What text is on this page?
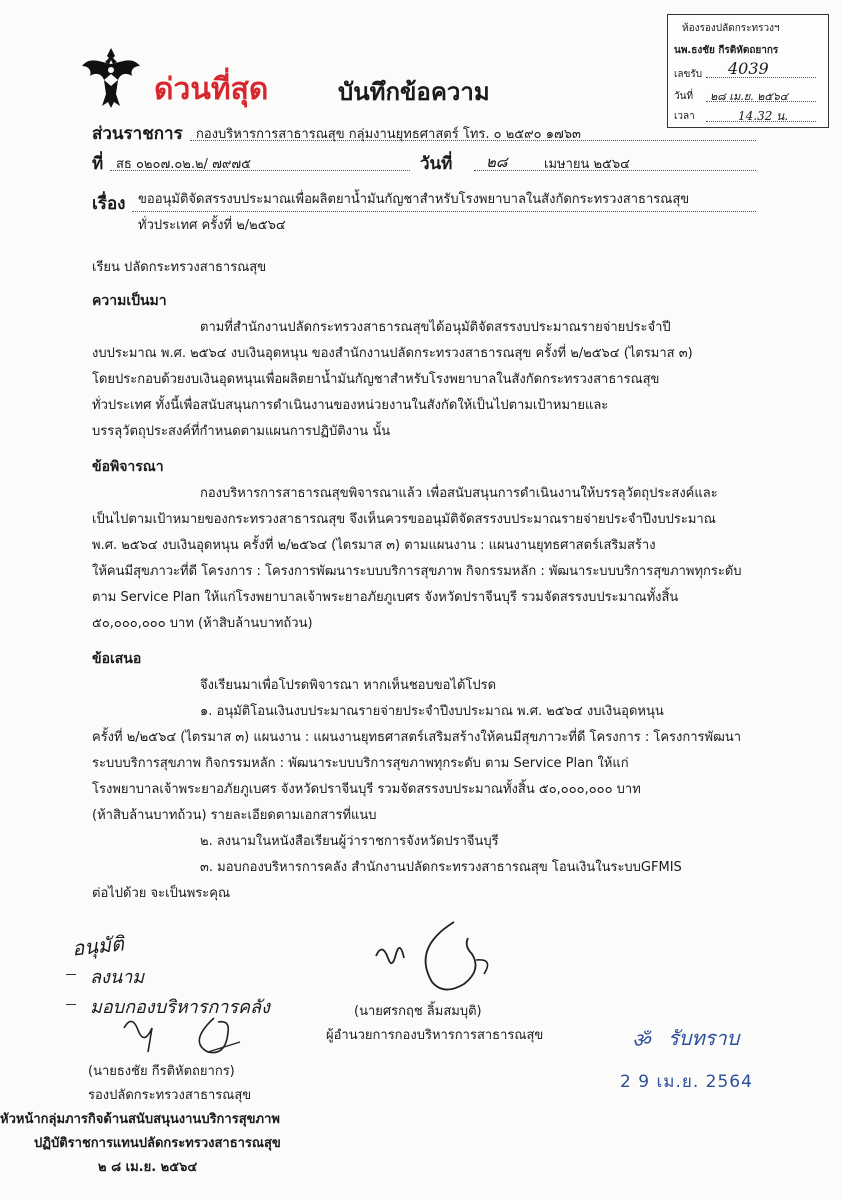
ห้องรองปลัดกระทรวงฯ
นพ.ธงชัย กีรติหัตถยากร
เลขรับ 4039
วันที่ ๒๘ เม.ย. ๒๕๖๔
เวลา	14.32 น.
ด่วนที่สุด	บันทึกข้อความ
ส่วนราชการ กองบริหารการสาธารณสุข กลุ่มงานยุทธศาสตร์ โทร. ๐ ๒๕๙๐ ๑๗๖๓
ที่ สธ ๐๒๐๗.๐๒.๒/ ๗๙๗๕	วันที่ ๒๘	เมษายน ๒๕๖๔
เรื่อง ขออนุมัติจัดสรรงบประมาณเพื่อผลิตยาน้ำมันกัญชาสำหรับโรงพยาบาลในสังกัดกระทรวงสาธารณสุข
ทั่วประเทศ ครั้งที่ ๒/๒๕๖๔
เรียน ปลัดกระทรวงสาธารณสุข
ความเป็นมา
ตามที่สำนักงานปลัดกระทรวงสาธารณสุขได้อนุมัติจัดสรรงบประมาณรายจ่ายประจำปี
งบประมาณ พ.ศ. ๒๕๖๔ งบเงินอุดหนุน ของสำนักงานปลัดกระทรวงสาธารณสุข ครั้งที่ ๒/๒๕๖๔ (ไตรมาส ๓)
โดยประกอบด้วยงบเงินอุดหนุนเพื่อผลิตยาน้ำมันกัญชาสำหรับโรงพยาบาลในสังกัดกระทรวงสาธารณสุข
ทั่วประเทศ ทั้งนี้เพื่อสนับสนุนการดำเนินงานของหน่วยงานในสังกัดให้เป็นไปตามเป้าหมายและ
บรรลุวัตถุประสงค์ที่กำหนดตามแผนการปฏิบัติงาน นั้น
ข้อพิจารณา
กองบริหารการสาธารณสุขพิจารณาแล้ว เพื่อสนับสนุนการดำเนินงานให้บรรลุวัตถุประสงค์และ
เป็นไปตามเป้าหมายของกระทรวงสาธารณสุข จึงเห็นควรขออนุมัติจัดสรรงบประมาณรายจ่ายประจำปีงบประมาณ
พ.ศ. ๒๕๖๔ งบเงินอุดหนุน ครั้งที่ ๒/๒๕๖๔ (ไตรมาส ๓) ตามแผนงาน : แผนงานยุทธศาสตร์เสริมสร้าง
ให้คนมีสุขภาวะที่ดี โครงการ : โครงการพัฒนาระบบบริการสุขภาพ กิจกรรมหลัก : พัฒนาระบบบริการสุขภาพทุกระดับ
ตาม Service Plan ให้แก่โรงพยาบาลเจ้าพระยาอภัยภูเบศร จังหวัดปราจีนบุรี รวมจัดสรรงบประมาณทั้งสิ้น
๕๐,๐๐๐,๐๐๐ บาท (ห้าสิบล้านบาทถ้วน)
ข้อเสนอ
จึงเรียนมาเพื่อโปรดพิจารณา หากเห็นชอบขอได้โปรด
๑. อนุมัติโอนเงินงบประมาณรายจ่ายประจำปีงบประมาณ พ.ศ. ๒๕๖๔ งบเงินอุดหนุน
ครั้งที่ ๒/๒๕๖๔ (ไตรมาส ๓) แผนงาน : แผนงานยุทธศาสตร์เสริมสร้างให้คนมีสุขภาวะที่ดี โครงการ : โครงการพัฒนา
ระบบบริการสุขภาพ กิจกรรมหลัก : พัฒนาระบบบริการสุขภาพทุกระดับ ตาม Service Plan ให้แก่
โรงพยาบาลเจ้าพระยาอภัยภูเบศร จังหวัดปราจีนบุรี รวมจัดสรรงบประมาณทั้งสิ้น ๕๐,๐๐๐,๐๐๐ บาท
(ห้าสิบล้านบาทถ้วน) รายละเอียดตามเอกสารที่แนบ
๒. ลงนามในหนังสือเรียนผู้ว่าราชการจังหวัดปราจีนบุรี
๓. มอบกองบริหารการคลัง สำนักงานปลัดกระทรวงสาธารณสุข โอนเงินในระบบGFMIS
ต่อไปด้วย จะเป็นพระคุณ
อนุมัติ
ลงนาม
มอบกองบริหารการคลัง	(นายศรกฤช ลิ้มสมบุติ)
ผู้อำนวยการกองบริหารการสาธารณสุข
(นายธงชัย กีรติหัตถยากร)
รองปลัดกระทรวงสาธารณสุข
หัวหน้ากลุ่มภารกิจด้านสนับสนุนงานบริการสุขภาพ
ปฏิบัติราชการแทนปลัดกระทรวงสาธารณสุข
๒ ๘ เม.ย. ๒๕๖๔
ॐ รับทราบ
2 9 เม.ย. 2564
